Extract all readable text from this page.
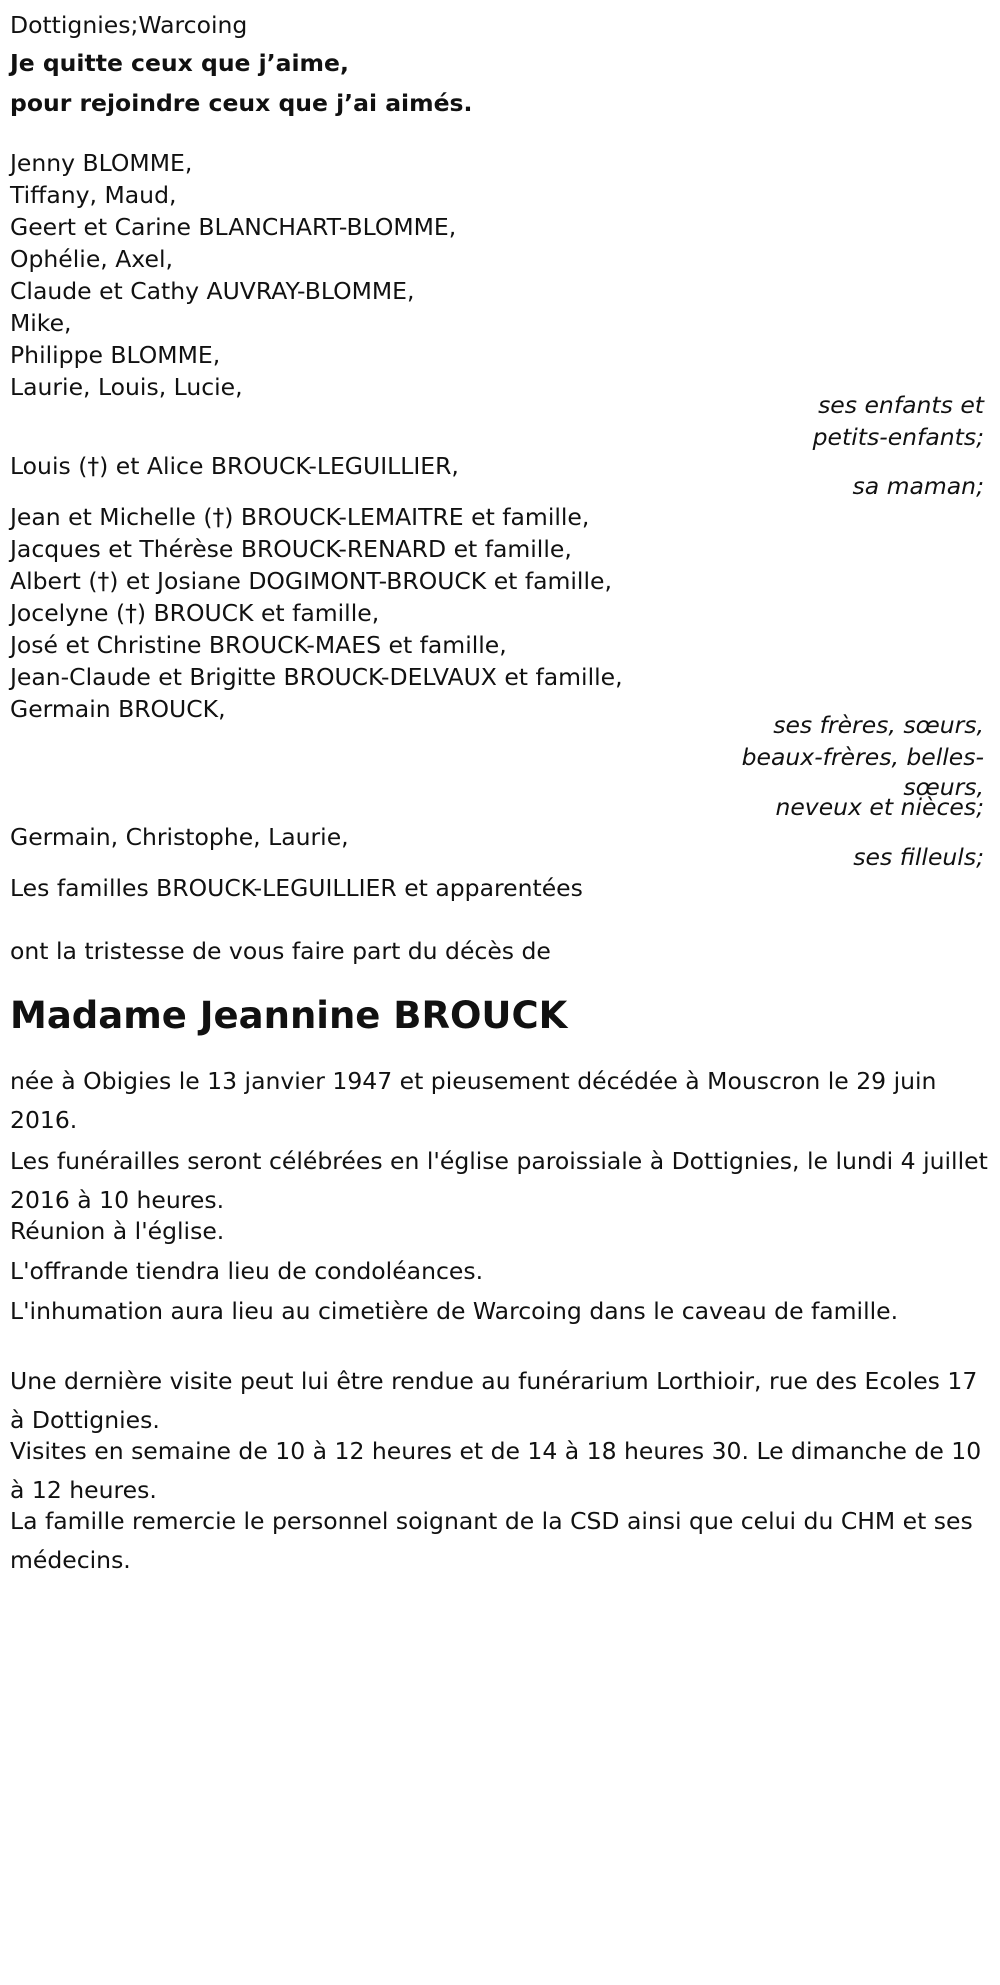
Dottignies;Warcoing
Je quitte ceux que j’aime,
pour rejoindre ceux que j’ai aimés.
Jenny BLOMME,
Tiffany, Maud,
Geert et Carine BLANCHART-BLOMME,
Ophélie, Axel,
Claude et Cathy AUVRAY-BLOMME,
Mike,
Philippe BLOMME,
Laurie, Louis, Lucie,
ses enfants et
petits-enfants;
Louis (†) et Alice BROUCK-LEGUILLIER,
sa maman;
Jean et Michelle (†) BROUCK-LEMAITRE et famille,
Jacques et Thérèse BROUCK-RENARD et famille,
Albert (†) et Josiane DOGIMONT-BROUCK et famille,
Jocelyne (†) BROUCK et famille,
José et Christine BROUCK-MAES et famille,
Jean-Claude et Brigitte BROUCK-DELVAUX et famille,
Germain BROUCK,
ses frères, sœurs,
beaux-frères, belles-
sœurs,
neveux et nièces;
Germain, Christophe, Laurie,
ses filleuls;
Les familles BROUCK-LEGUILLIER et apparentées
ont la tristesse de vous faire part du décès de
Madame Jeannine BROUCK
née à Obigies le 13 janvier 1947 et pieusement décédée à Mouscron le 29 juin 2016.
Les funérailles seront célébrées en l'église paroissiale à Dottignies, le lundi 4 juillet 2016 à 10 heures.
Réunion à l'église.
L'offrande tiendra lieu de condoléances.
L'inhumation aura lieu au cimetière de Warcoing dans le caveau de famille.
Une dernière visite peut lui être rendue au funérarium Lorthioir, rue des Ecoles 17 à Dottignies.
Visites en semaine de 10 à 12 heures et de 14 à 18 heures 30. Le dimanche de 10 à 12 heures.
La famille remercie le personnel soignant de la CSD ainsi que celui du CHM et ses médecins.
